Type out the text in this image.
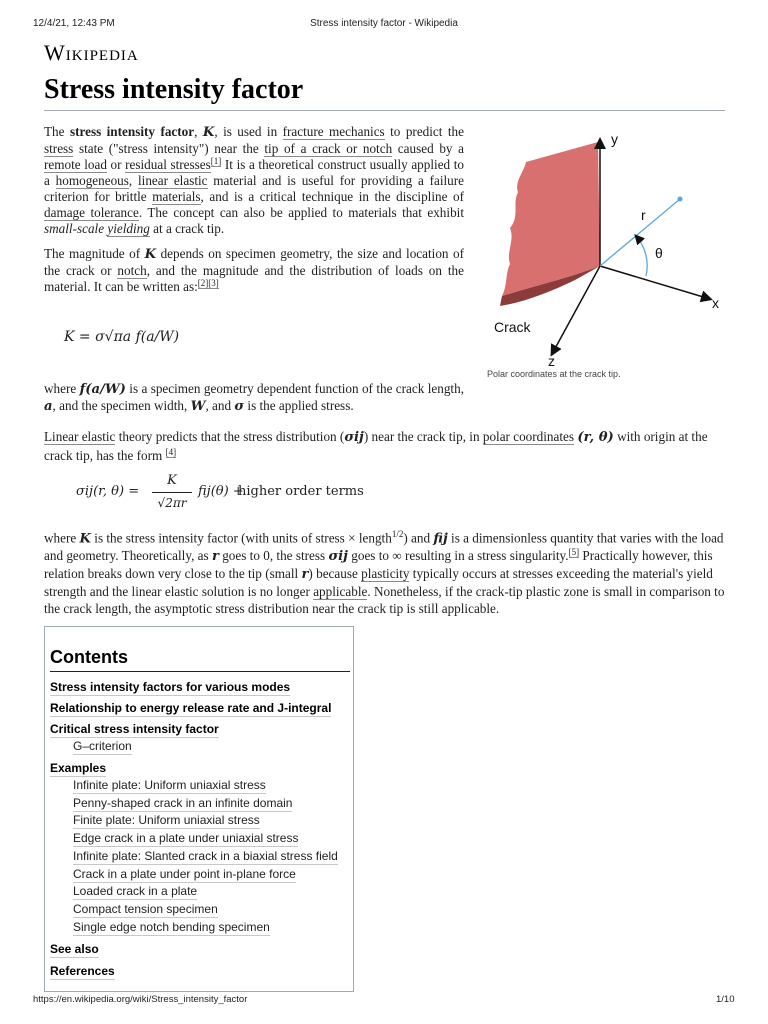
12/4/21, 12:43 PM	Stress intensity factor - Wikipedia
Wikipedia
Stress intensity factor

The stress intensity factor, K, is used in fracture mechanics to predict the stress state ("stress intensity") near the tip of a crack or notch caused by a remote load or residual stresses[1] It is a theoretical construct usually applied to a homogeneous, linear elastic material and is useful for providing a failure criterion for brittle materials, and is a critical technique in the discipline of damage tolerance. The concept can also be applied to materials that exhibit small-scale yielding at a crack tip.

The magnitude of K depends on specimen geometry, the size and location of the crack or notch, and the magnitude and the distribution of loads on the material. It can be written as:[2][3]

K = σ√πa f(a/W)

where f(a/W) is a specimen geometry dependent function of the crack length, a, and the specimen width, W, and σ is the applied stress.

Linear elastic theory predicts that the stress distribution (σij) near the crack tip, in polar coordinates (r, θ) with origin at the crack tip, has the form [4]

σij(r, θ) =
K
√2πr
fij(θ) +
higher order terms

where K is the stress intensity factor (with units of stress × length$^{1/2}$) and fij is a dimensionless quantity that varies with the load and geometry. Theoretically, as r goes to 0, the stress σij goes to ∞ resulting in a stress singularity.[5] Practically however, this relation breaks down very close to the tip (small r) because plasticity typically occurs at stresses exceeding the material's yield strength and the linear elastic solution is no longer applicable. Nonetheless, if the crack-tip plastic zone is small in comparison to the crack length, the asymptotic stress distribution near the crack tip is still applicable.

y
x
z
r
θ
Crack
Polar coordinates at the crack tip.
Contents
Stress intensity factors for various modes
Relationship to energy release rate and J-integral
Critical stress intensity factor
G–criterion
Examples
Infinite plate: Uniform uniaxial stress
Penny-shaped crack in an infinite domain
Finite plate: Uniform uniaxial stress
Edge crack in a plate under uniaxial stress
Infinite plate: Slanted crack in a biaxial stress field
Crack in a plate under point in-plane force
Loaded crack in a plate
Compact tension specimen
Single edge notch bending specimen
See also
References
https://en.wikipedia.org/wiki/Stress_intensity_factor	1/10
